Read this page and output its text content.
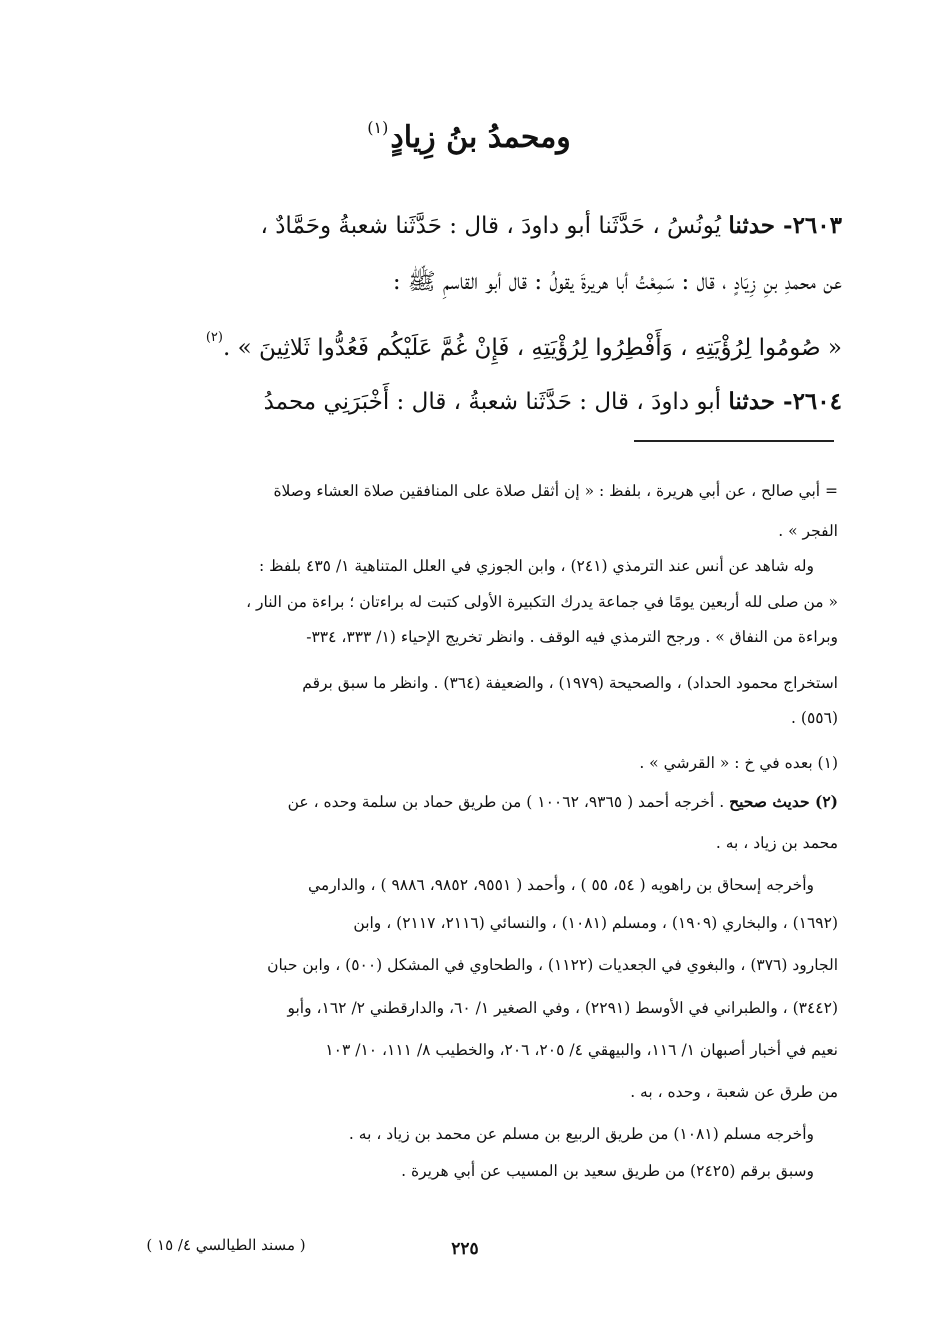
ومحمدُ بنُ زِيادٍ$^{(١)}$
٢٦٠٣- حدثنا يُونُسُ ، حَدَّثَنا أبو داودَ ، قال : حَدَّثَنا شعبةُ وحَمَّادٌ ،
عن محمدِ بنِ زِيَادٍ ، قال : سَمِعْتُ أبا هريرةَ يقولُ : قال أبو القاسمِ ﷺ :
« صُومُوا لِرُؤْيَتِهِ ، وَأَفْطِرُوا لِرُؤْيَتِهِ ، فَإِنْ غُمَّ عَلَيْكُم فَعُدُّوا ثَلاثِينَ » .$^{(٢)}$
٢٦٠٤- حدثنا أبو داودَ ، قال : حَدَّثَنا شعبةُ ، قال : أَخْبَرَنِي محمدُ
= أبي صالح ، عن أبي هريرة ، بلفظ : « إن أثقل صلاة على المنافقين صلاة العشاء وصلاة
الفجر » .
وله شاهد عن أنس عند الترمذي (٢٤١) ، وابن الجوزي في العلل المتناهية ١/ ٤٣٥ بلفظ :
« من صلى لله أربعين يومًا في جماعة يدرك التكبيرة الأولى كتبت له براءتان ؛ براءة من النار ،
وبراءة من النفاق » . ورجح الترمذي فيه الوقف . وانظر تخريج الإحياء (١/ ٣٣٣، ٣٣٤-
استخراج محمود الحداد) ، والصحيحة (١٩٧٩) ، والضعيفة (٣٦٤) . وانظر ما سبق برقم
(٥٥٦) .
(١) بعده في خ : « القرشي » .
(٢) حديث صحيح . أخرجه أحمد ( ٩٣٦٥، ١٠٠٦٢ ) من طريق حماد بن سلمة وحده ، عن
محمد بن زياد ، به .
وأخرجه إسحاق بن راهويه ( ٥٤، ٥٥ ) ، وأحمد ( ٩٥٥١، ٩٨٥٢، ٩٨٨٦ ) ، والدارمي
(١٦٩٢) ، والبخاري (١٩٠٩) ، ومسلم (١٠٨١) ، والنسائي (٢١١٦، ٢١١٧) ، وابن
الجارود (٣٧٦) ، والبغوي في الجعديات (١١٢٢) ، والطحاوي في المشكل (٥٠٠) ، وابن حبان
(٣٤٤٢) ، والطبراني في الأوسط (٢٢٩١) ، وفي الصغير ١/ ٦٠، والدارقطني ٢/ ١٦٢، وأبو
نعيم في أخبار أصبهان ١/ ١١٦، والبيهقي ٤/ ٢٠٥، ٢٠٦، والخطيب ٨/ ١١١، ١٠/ ١٠٣
من طرق عن شعبة ، وحده ، به .
وأخرجه مسلم (١٠٨١) من طريق الربيع بن مسلم عن محمد بن زياد ، به .
وسبق برقم (٢٤٢٥) من طريق سعيد بن المسيب عن أبي هريرة .
( مسند الطيالسي ٤/ ١٥ )	٢٢٥
